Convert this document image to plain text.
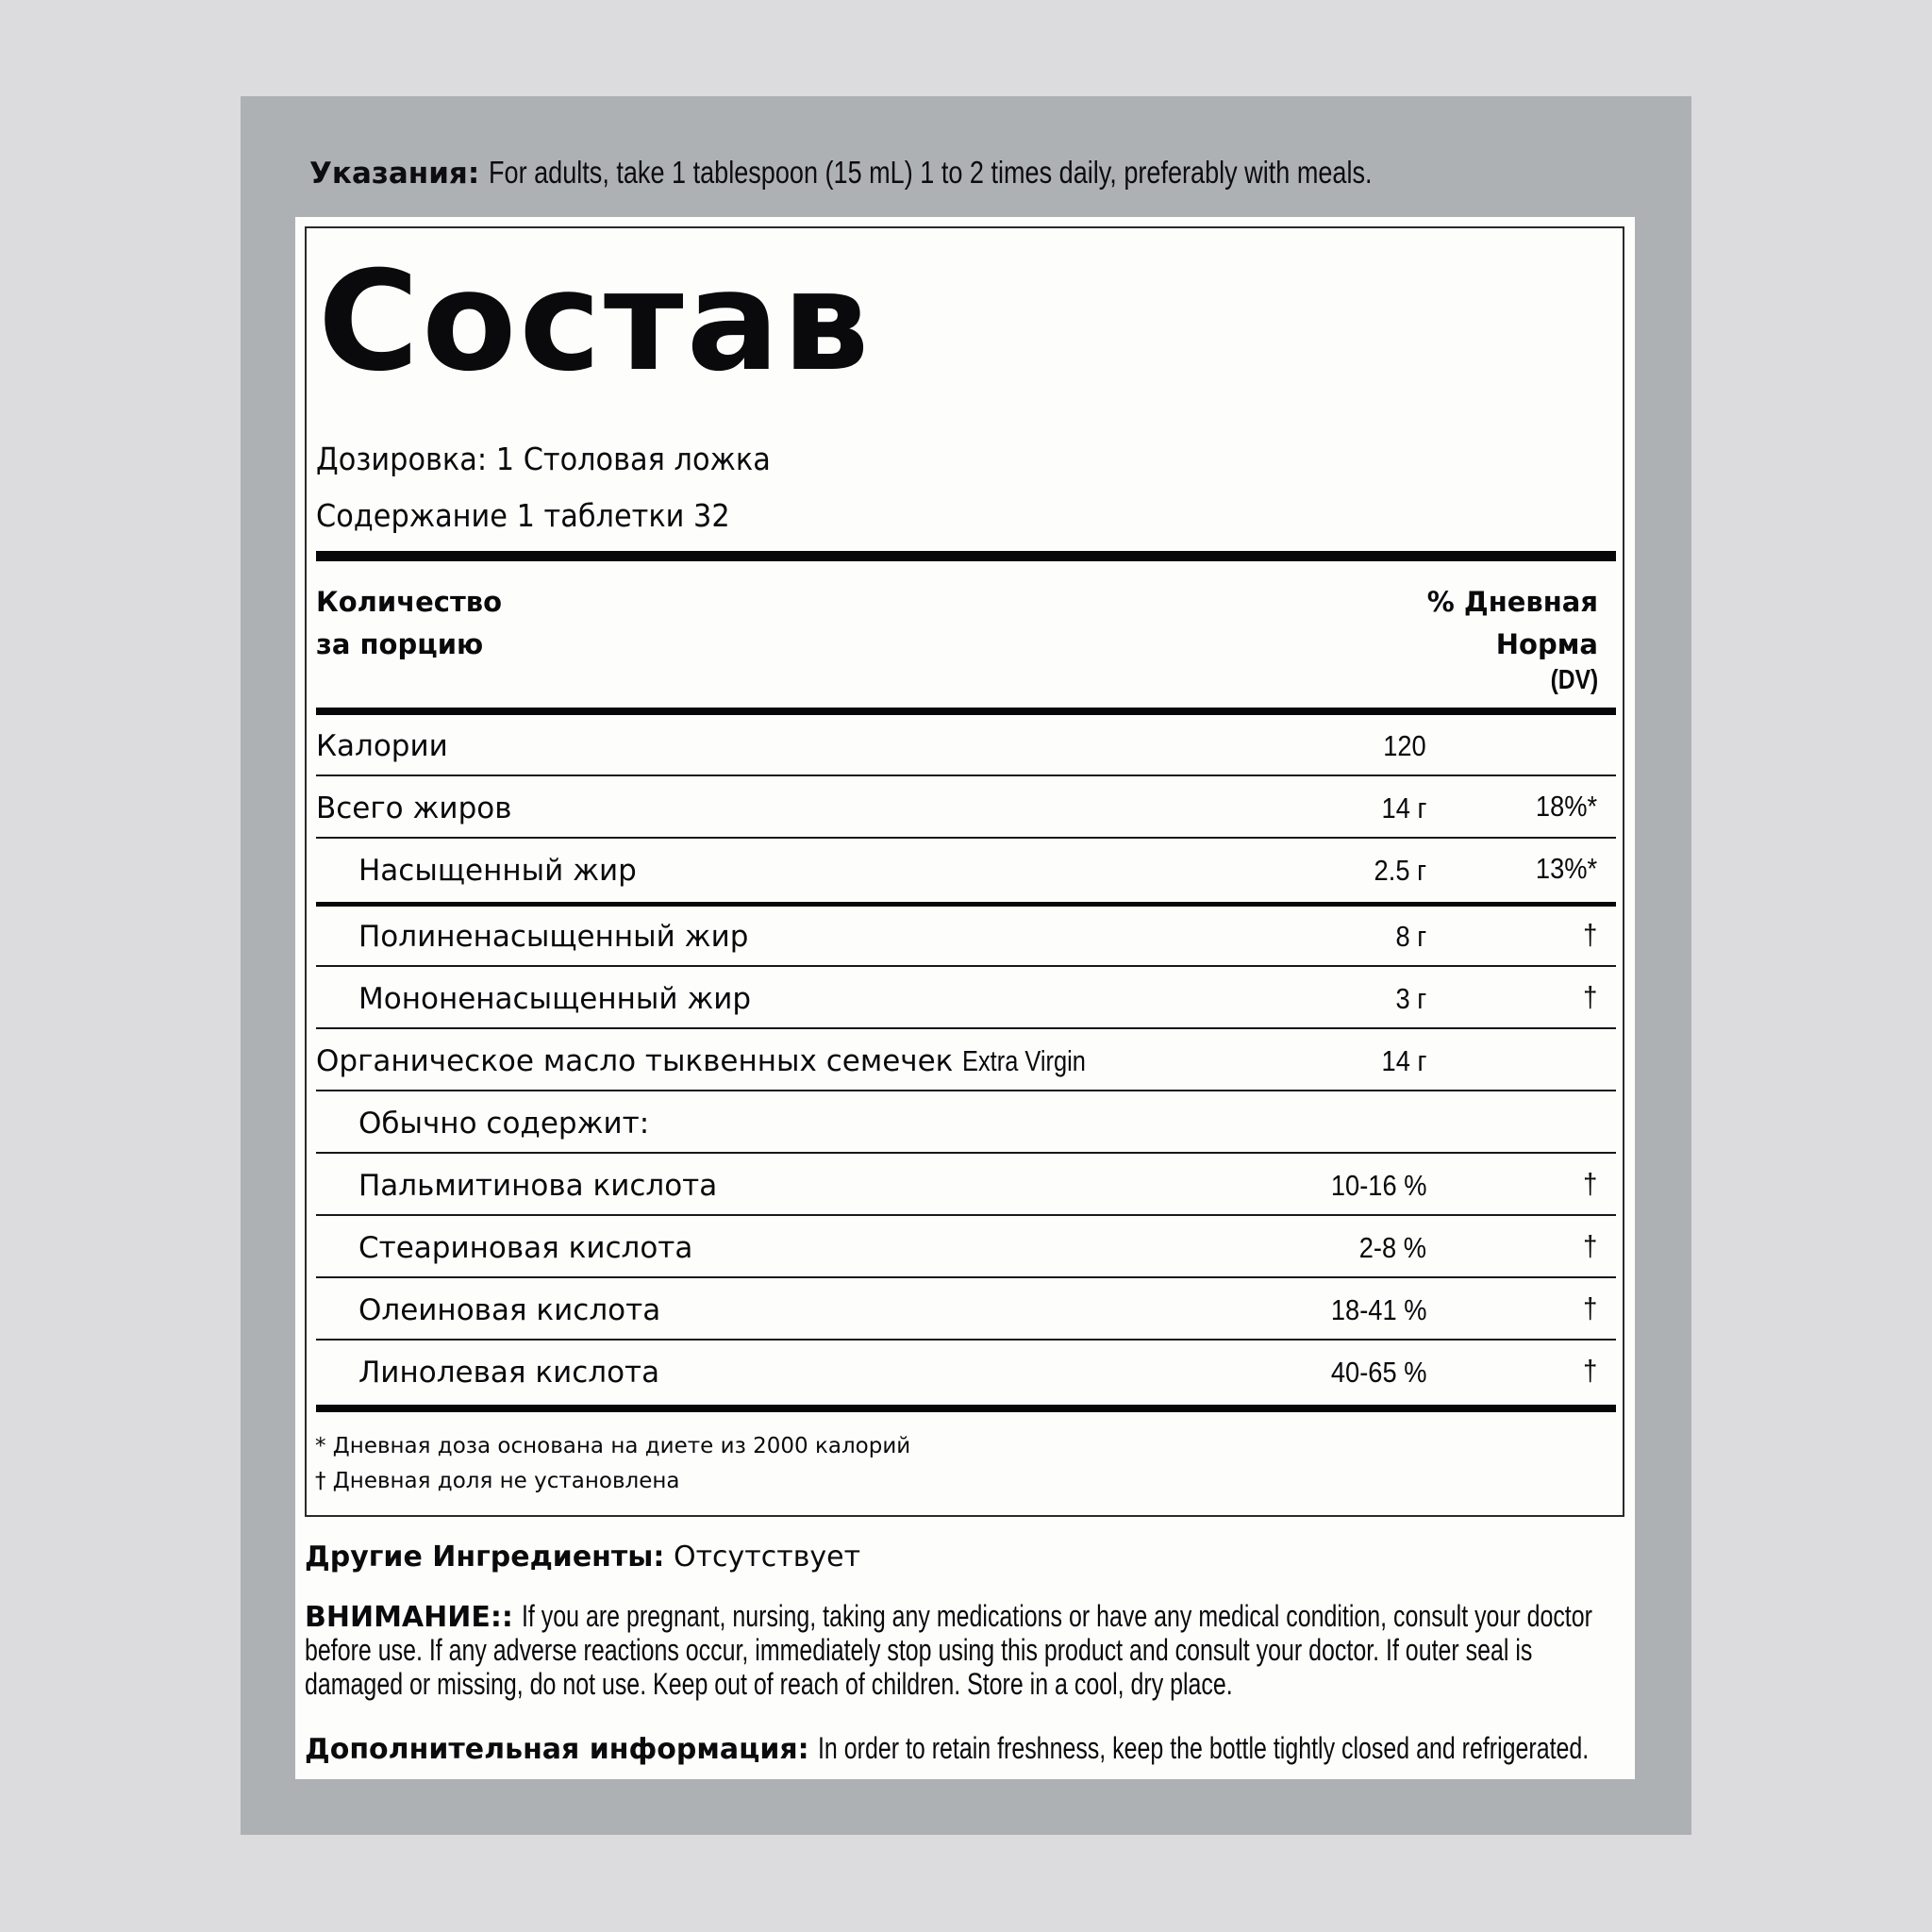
Указания: For adults, take 1 tablespoon (15 mL) 1 to 2 times daily, preferably with meals.
Состав
Дозировка: 1 Столовая ложка
Содержание 1 таблетки 32
Количество
за порцию
% Дневная
Норма
(DV)
Калории	120
Всего жиров	14 г	18%*
Насыщенный жир	2.5 г	13%*
Полиненасыщенный жир	8 г	†
Мононенасыщенный жир	3 г	†
Органическое масло тыквенных семечек Extra Virgin	14 г
Обычно содержит:
Пальмитинова кислота	10-16 %	†
Стеариновая кислота	2-8 %	†
Олеиновая кислота	18-41 %	†
Линолевая кислота	40-65 %	†
* Дневная доза основана на диете из 2000 калорий
† Дневная доля не установлена
Другие Ингредиенты: Отсутствует
ВНИМАНИЕ:: If you are pregnant, nursing, taking any medications or have any medical condition, consult your doctor
before use. If any adverse reactions occur, immediately stop using this product and consult your doctor. If outer seal is
damaged or missing, do not use. Keep out of reach of children. Store in a cool, dry place.
Дополнительная информация: In order to retain freshness, keep the bottle tightly closed and refrigerated.
